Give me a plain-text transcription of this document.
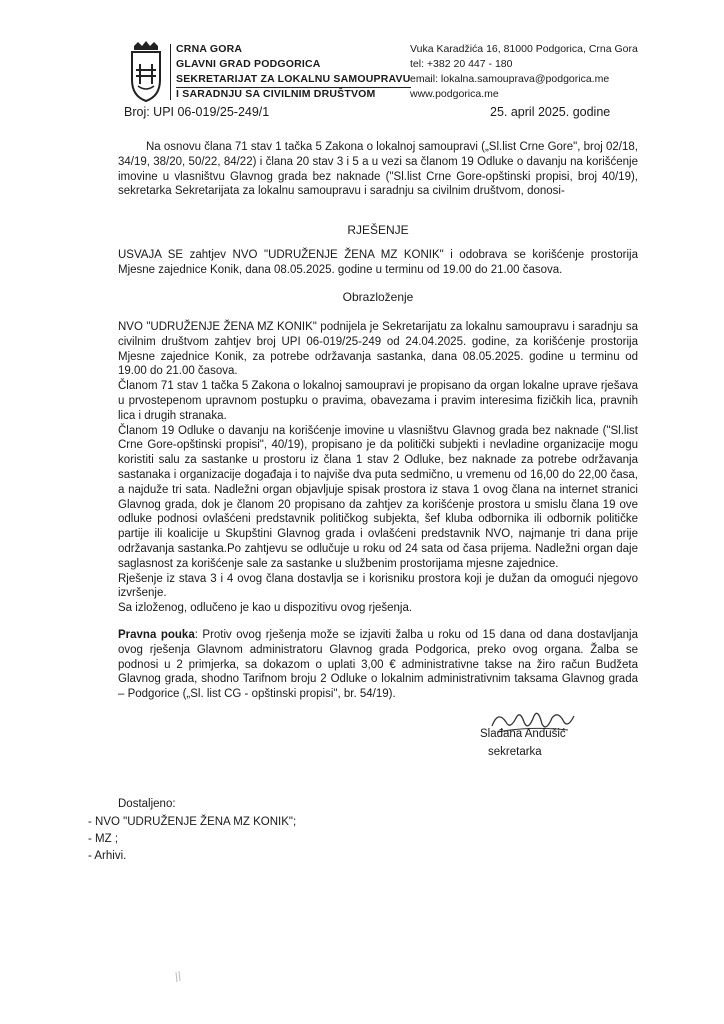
CRNA GORA
GLAVNI GRAD PODGORICA
SEKRETARIJAT ZA LOKALNU SAMOUPRAVU
I SARADNJU SA CIVILNIM DRUŠTVOM
Vuka Karadžića 16, 81000 Podgorica, Crna Gora
tel: +382 20 447 - 180
email: lokalna.samouprava@podgorica.me
www.podgorica.me
Broj: UPI 06-019/25-249/1	25. april 2025. godine
Na osnovu člana 71 stav 1 tačka 5 Zakona o lokalnoj samoupravi („Sl.list Crne Gore", broj 02/18, 34/19, 38/20, 50/22, 84/22) i člana 20 stav 3 i 5 a u vezi sa članom 19 Odluke o davanju na korišćenje imovine u vlasništvu Glavnog grada bez naknade ("Sl.list Crne Gore-opštinski propisi, broj 40/19), sekretarka Sekretarijata za lokalnu samoupravu i saradnju sa civilnim društvom, donosi-
RJEŠENJE
USVAJA SE zahtjev NVO "UDRUŽENJE ŽENA MZ KONIK" i odobrava se korišćenje prostorija Mjesne zajednice Konik, dana 08.05.2025. godine u terminu od 19.00 do 21.00 časova.
Obrazloženje
NVO "UDRUŽENJE ŽENA MZ KONIK" podnijela je Sekretarijatu za lokalnu samoupravu i saradnju sa civilnim društvom zahtjev broj UPI 06-019/25-249 od 24.04.2025. godine, za korišćenje prostorija Mjesne zajednice Konik, za potrebe održavanja sastanka, dana 08.05.2025. godine u terminu od 19.00 do 21.00 časova.
Članom 71 stav 1 tačka 5 Zakona o lokalnoj samoupravi je propisano da organ lokalne uprave rješava u prvostepenom upravnom postupku o pravima, obavezama i pravim interesima fizičkih lica, pravnih lica i drugih stranaka.
Članom 19 Odluke o davanju na korišćenje imovine u vlasništvu Glavnog grada bez naknade ("Sl.list Crne Gore-opštinski propisi", 40/19), propisano je da politički subjekti i nevladine organizacije mogu koristiti salu za sastanke u prostoru iz člana 1 stav 2 Odluke, bez naknade za potrebe održavanja sastanaka i organizacije događaja i to najviše dva puta sedmično, u vremenu od 16,00 do 22,00 časa, a najduže tri sata. Nadležni organ objavljuje spisak prostora iz stava 1 ovog člana na internet stranici Glavnog grada, dok je članom 20 propisano da zahtjev za korišćenje prostora u smislu člana 19 ove odluke podnosi ovlašćeni predstavnik političkog subjekta, šef kluba odbornika ili odbornik političke partije ili koalicije u Skupštini Glavnog grada i ovlašćeni predstavnik NVO, najmanje tri dana prije održavanja sastanka.Po zahtjevu se odlučuje u roku od 24 sata od časa prijema. Nadležni organ daje saglasnost za korišćenje sale za sastanke u službenim prostorijama mjesne zajednice.
Rješenje iz stava 3 i 4 ovog člana dostavlja se i korisniku prostora koji je dužan da omogući njegovo izvršenje.
Sa izloženog, odlučeno je kao u dispozitivu ovog rješenja.
Pravna pouka: Protiv ovog rješenja može se izjaviti žalba u roku od 15 dana od dana dostavljanja ovog rješenja Glavnom administratoru Glavnog grada Podgorica, preko ovog organa. Žalba se podnosi u 2 primjerka, sa dokazom o uplati 3,00 € administrativne takse na žiro račun Budžeta Glavnog grada, shodno Tarifnom broju 2 Odluke o lokalnim administrativnim taksama Glavnog grada – Podgorice („Sl. list CG - opštinski propisi", br. 54/19).
Slađana Andušić
sekretarka
Dostaljeno:
- NVO "UDRUŽENJE ŽENA MZ KONIK";
- MZ ;
- Arhivi.
